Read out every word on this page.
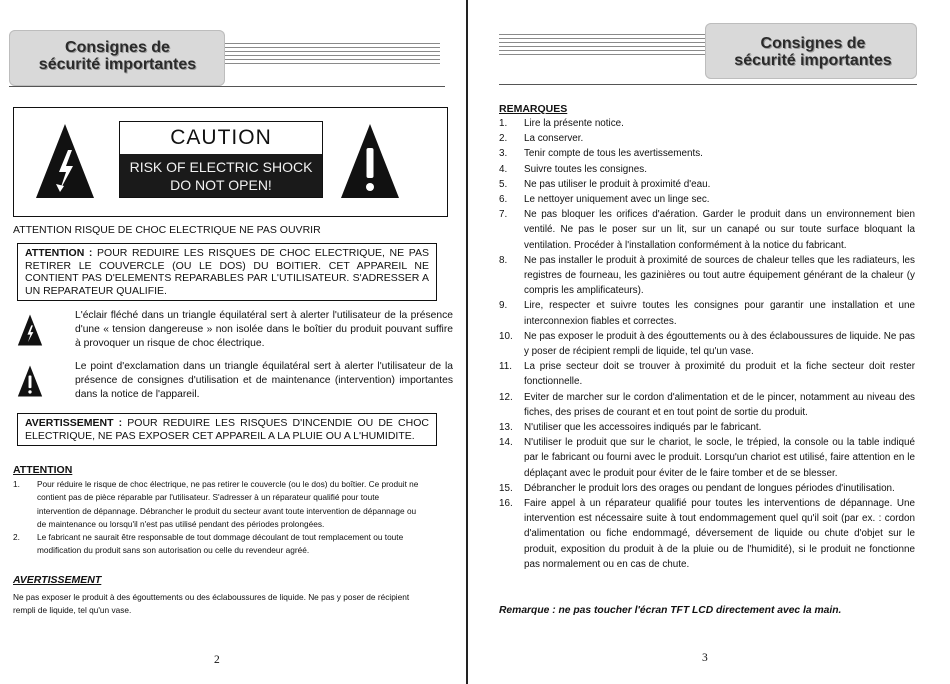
Consignes de
sécurité importantes
CAUTION
RISK OF ELECTRIC SHOCK
DO NOT OPEN!
ATTENTION RISQUE DE CHOC ELECTRIQUE NE PAS OUVRIR
ATTENTION : POUR REDUIRE LES RISQUES DE CHOC ELECTRIQUE, NE PAS RETIRER LE COUVERCLE (OU LE DOS) DU BOITIER. CET APPAREIL NE CONTIENT PAS D'ELEMENTS REPARABLES PAR L'UTILISATEUR. S'ADRESSER A UN REPARATEUR QUALIFIE.
L'éclair fléché dans un triangle équilatéral sert à alerter l'utilisateur de la présence d'une « tension dangereuse » non isolée dans le boîtier du produit pouvant suffire à provoquer un risque de choc électrique.
Le point d'exclamation dans un triangle équilatéral sert à alerter l'utilisateur de la présence de consignes d'utilisation et de maintenance (intervention) importantes dans la notice de l'appareil.
AVERTISSEMENT : POUR REDUIRE LES RISQUES D'INCENDIE OU DE CHOC ELECTRIQUE, NE PAS EXPOSER CET APPAREIL A LA PLUIE OU A L'HUMIDITE.
ATTENTION
1. Pour réduire le risque de choc électrique, ne pas retirer le couvercle (ou le dos) du boîtier. Ce produit ne contient pas de pièce réparable par l'utilisateur. S'adresser à un réparateur qualifié pour toute intervention de dépannage. Débrancher le produit du secteur avant toute intervention de dépannage ou de maintenance ou lorsqu'il n'est pas utilisé pendant des périodes prolongées.
2. Le fabricant ne saurait être responsable de tout dommage découlant de tout remplacement ou toute modification du produit sans son autorisation ou celle du revendeur agréé.
AVERTISSEMENT
Ne pas exposer le produit à des égouttements ou des éclaboussures de liquide. Ne pas y poser de récipient rempli de liquide, tel qu'un vase.
2
Consignes de
sécurité importantes
REMARQUES
1. Lire la présente notice.
2. La conserver.
3. Tenir compte de tous les avertissements.
4. Suivre toutes les consignes.
5. Ne pas utiliser le produit à proximité d'eau.
6. Le nettoyer uniquement avec un linge sec.
7. Ne pas bloquer les orifices d'aération. Garder le produit dans un environnement bien ventilé. Ne pas le poser sur un lit, sur un canapé ou sur toute surface bloquant la ventilation. Procéder à l'installation conformément à la notice du fabricant.
8. Ne pas installer le produit à proximité de sources de chaleur telles que les radiateurs, les registres de fourneau, les gazinières ou tout autre équipement générant de la chaleur (y compris les amplificateurs).
9. Lire, respecter et suivre toutes les consignes pour garantir une installation et une interconnexion fiables et correctes.
10. Ne pas exposer le produit à des égouttements ou à des éclaboussures de liquide. Ne pas y poser de récipient rempli de liquide, tel qu'un vase.
11. La prise secteur doit se trouver à proximité du produit et la fiche secteur doit rester fonctionnelle.
12. Eviter de marcher sur le cordon d'alimentation et de le pincer, notamment au niveau des fiches, des prises de courant et en tout point de sortie du produit.
13. N'utiliser que les accessoires indiqués par le fabricant.
14. N'utiliser le produit que sur le chariot, le socle, le trépied, la console ou la table indiqué par le fabricant ou fourni avec le produit. Lorsqu'un chariot est utilisé, faire attention en le déplaçant avec le produit pour éviter de le faire tomber et de se blesser.
15. Débrancher le produit lors des orages ou pendant de longues périodes d'inutilisation.
16. Faire appel à un réparateur qualifié pour toutes les interventions de dépannage. Une intervention est nécessaire suite à tout endommagement quel qu'il soit (par ex. : cordon d'alimentation ou fiche endommagé, déversement de liquide ou chute d'objet sur le produit, exposition du produit à de la pluie ou de l'humidité), si le produit ne fonctionne pas normalement ou en cas de chute.
Remarque : ne pas toucher l'écran TFT LCD directement avec la main.
3
